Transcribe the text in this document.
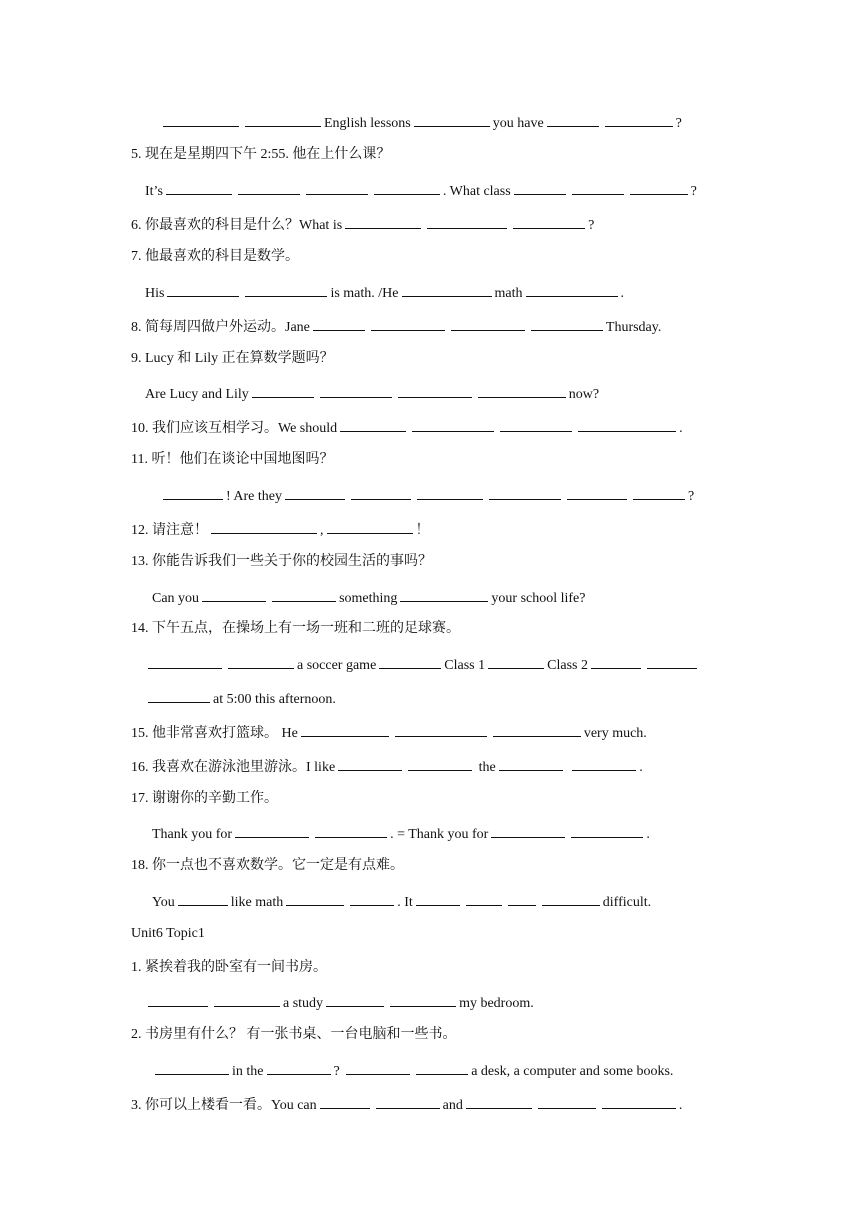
English lessons	you have	?
5. 现在是星期四下午 2:55. 他在上什么课？
It’s	. What class	?
6. 你最喜欢的科目是什么？What is	?
7. 他最喜欢的科目是数学。
His	is math. /He	math	.
8. 简每周四做户外运动。Jane	Thursday.
9. Lucy 和 Lily 正在算数学题吗？
Are Lucy and Lily	now?
10. 我们应该互相学习。We should	.
11. 听！他们在谈论中国地图吗？
! Are they	?
12. 请注意！	,	！
13. 你能告诉我们一些关于你的校园生活的事吗？
Can you	something	your school life?
14. 下午五点，在操场上有一场一班和二班的足球赛。
a soccer game	Class 1	Class 2
at 5:00 this afternoon.
15. 他非常喜欢打篮球。 He	very much.
16. 我喜欢在游泳池里游泳。I like	the	.
17. 谢谢你的辛勤工作。
Thank you for	. = Thank you for	.
18. 你一点也不喜欢数学。它一定是有点难。
You	like math	. It	difficult.
Unit6 Topic1
1. 紧挨着我的卧室有一间书房。
a study	my bedroom.
2. 书房里有什么？ 有一张书桌、一台电脑和一些书。
in the	?	a desk, a computer and some books.
3. 你可以上楼看一看。You can	and	.
